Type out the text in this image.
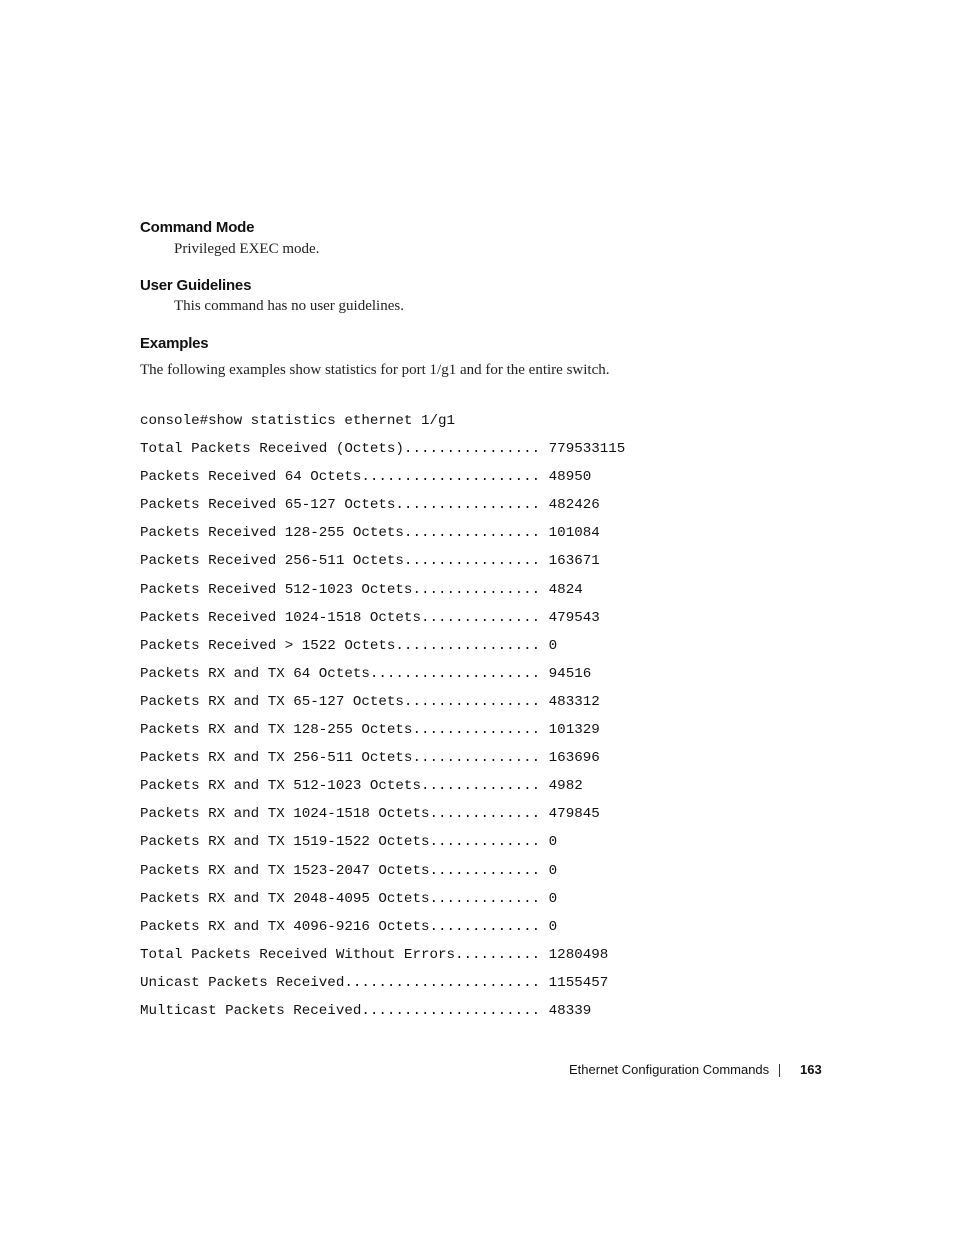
Command Mode

Privileged EXEC mode.

User Guidelines

This command has no user guidelines.

Examples

The following examples show statistics for port 1/g1 and for the entire switch.

console#show statistics ethernet 1/g1
Total Packets Received (Octets)................ 779533115
Packets Received 64 Octets..................... 48950
Packets Received 65-127 Octets................. 482426
Packets Received 128-255 Octets................ 101084
Packets Received 256-511 Octets................ 163671
Packets Received 512-1023 Octets............... 4824
Packets Received 1024-1518 Octets.............. 479543
Packets Received > 1522 Octets................. 0
Packets RX and TX 64 Octets.................... 94516
Packets RX and TX 65-127 Octets................ 483312
Packets RX and TX 128-255 Octets............... 101329
Packets RX and TX 256-511 Octets............... 163696
Packets RX and TX 512-1023 Octets.............. 4982
Packets RX and TX 1024-1518 Octets............. 479845
Packets RX and TX 1519-1522 Octets............. 0
Packets RX and TX 1523-2047 Octets............. 0
Packets RX and TX 2048-4095 Octets............. 0
Packets RX and TX 4096-9216 Octets............. 0
Total Packets Received Without Errors.......... 1280498
Unicast Packets Received....................... 1155457
Multicast Packets Received..................... 48339
Ethernet Configuration Commands 163
